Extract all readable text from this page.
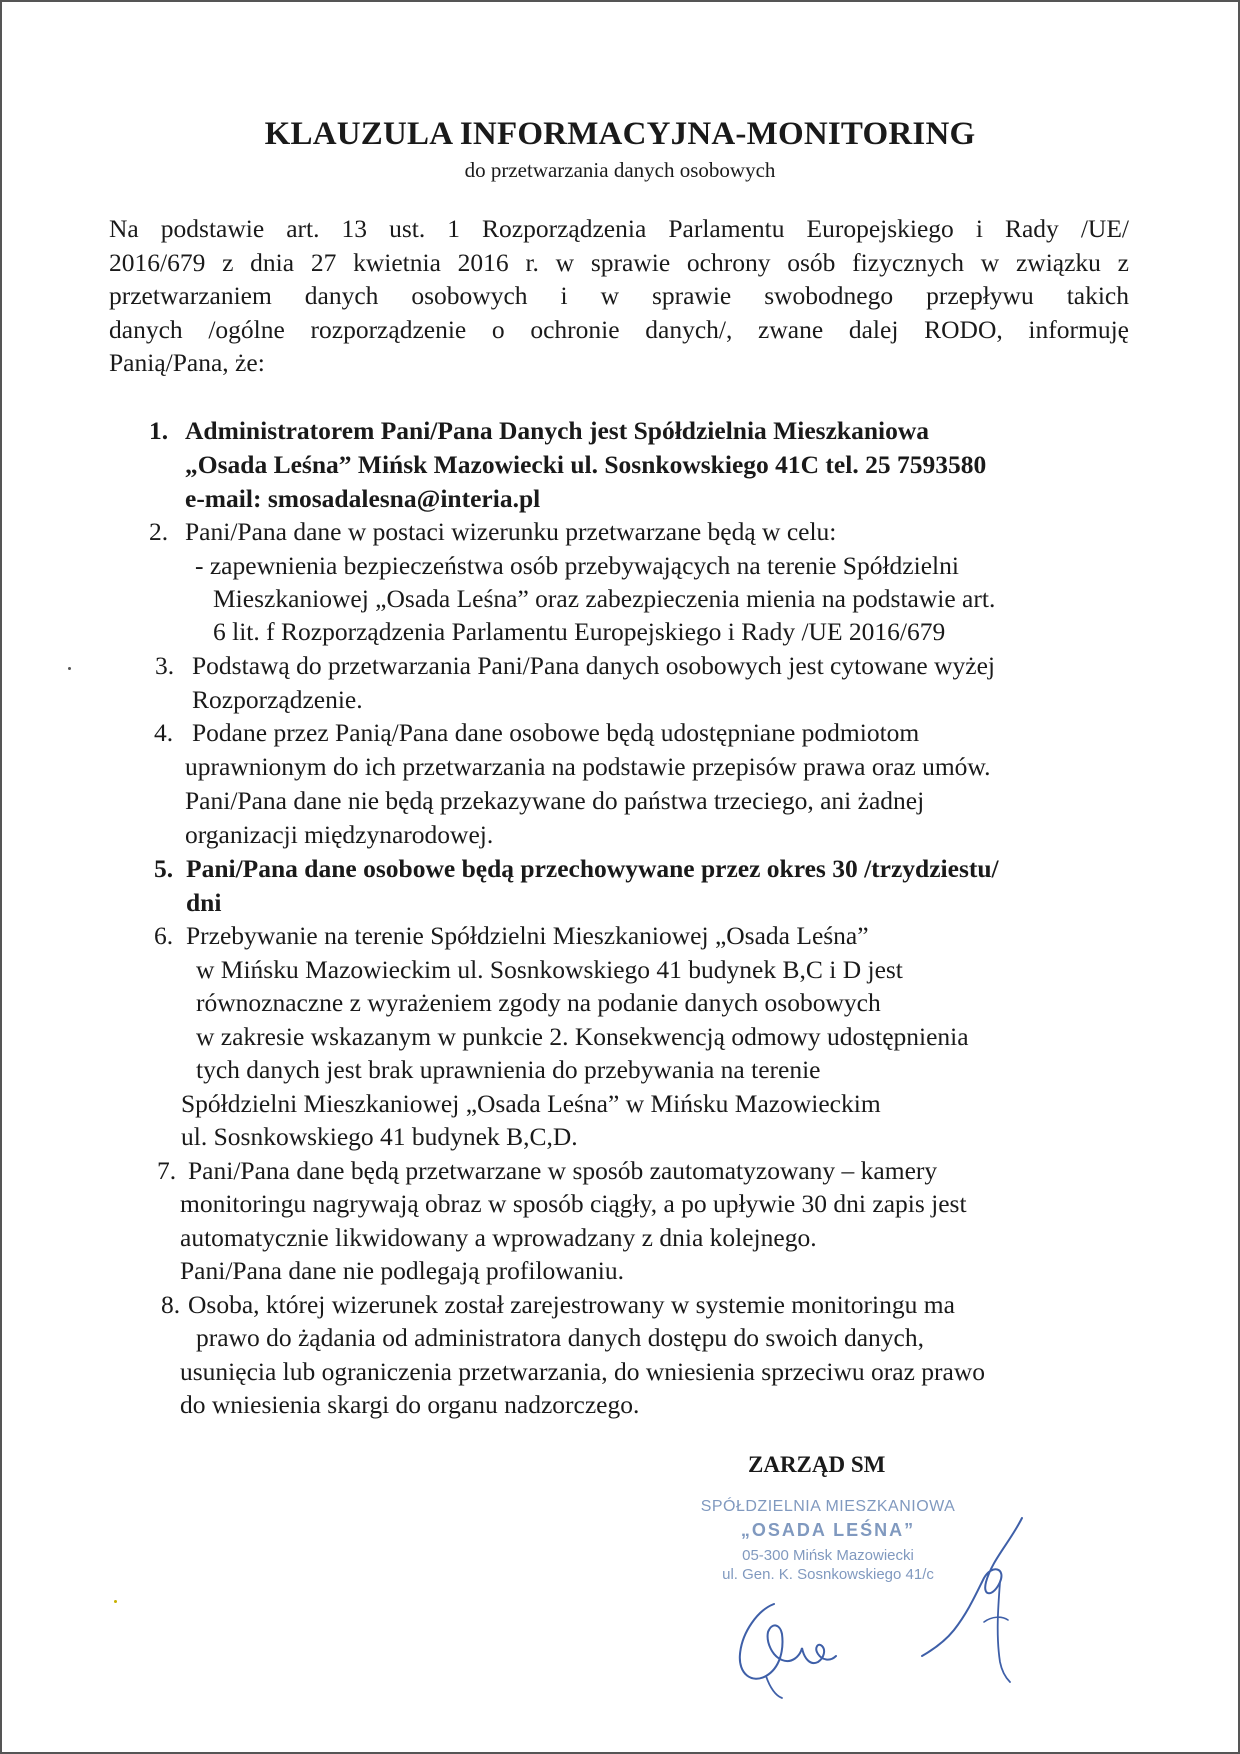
KLAUZULA INFORMACYJNA-MONITORING
do przetwarzania danych osobowych
Na podstawie art. 13 ust. 1 Rozporządzenia Parlamentu Europejskiego i Rady /UE/
2016/679 z dnia 27 kwietnia 2016 r. w sprawie ochrony osób fizycznych w związku z
przetwarzaniem danych osobowych i w sprawie swobodnego przepływu takich
danych /ogólne rozporządzenie o ochronie danych/, zwane dalej RODO, informuję
Panią/Pana, że:
1. Administratorem Pani/Pana Danych jest Spółdzielnia Mieszkaniowa
„Osada Leśna” Mińsk Mazowiecki ul. Sosnkowskiego 41C tel. 25 7593580
e-mail: smosadalesna@interia.pl
2. Pani/Pana dane w postaci wizerunku przetwarzane będą w celu:
- zapewnienia bezpieczeństwa osób przebywających na terenie Spółdzielni
Mieszkaniowej „Osada Leśna” oraz zabezpieczenia mienia na podstawie art.
6 lit. f Rozporządzenia Parlamentu Europejskiego i Rady /UE 2016/679
3. Podstawą do przetwarzania Pani/Pana danych osobowych jest cytowane wyżej
Rozporządzenie.
4. Podane przez Panią/Pana dane osobowe będą udostępniane podmiotom
uprawnionym do ich przetwarzania na podstawie przepisów prawa oraz umów.
Pani/Pana dane nie będą przekazywane do państwa trzeciego, ani żadnej
organizacji międzynarodowej.
5. Pani/Pana dane osobowe będą przechowywane przez okres 30 /trzydziestu/
dni
6. Przebywanie na terenie Spółdzielni Mieszkaniowej „Osada Leśna”
w Mińsku Mazowieckim ul. Sosnkowskiego 41 budynek B,C i D jest
równoznaczne z wyrażeniem zgody na podanie danych osobowych
w zakresie wskazanym w punkcie 2. Konsekwencją odmowy udostępnienia
tych danych jest brak uprawnienia do przebywania na terenie
Spółdzielni Mieszkaniowej „Osada Leśna” w Mińsku Mazowieckim
ul. Sosnkowskiego 41 budynek B,C,D.
7. Pani/Pana dane będą przetwarzane w sposób zautomatyzowany – kamery
monitoringu nagrywają obraz w sposób ciągły, a po upływie 30 dni zapis jest
automatycznie likwidowany a wprowadzany z dnia kolejnego.
Pani/Pana dane nie podlegają profilowaniu.
8. Osoba, której wizerunek został zarejestrowany w systemie monitoringu ma
prawo do żądania od administratora danych dostępu do swoich danych,
usunięcia lub ograniczenia przetwarzania, do wniesienia sprzeciwu oraz prawo
do wniesienia skargi do organu nadzorczego.
ZARZĄD SM
SPÓŁDZIELNIA MIESZKANIOWA
„OSADA LEŚNA”
05-300 Mińsk Mazowiecki
ul. Gen. K. Sosnkowskiego 41/c
